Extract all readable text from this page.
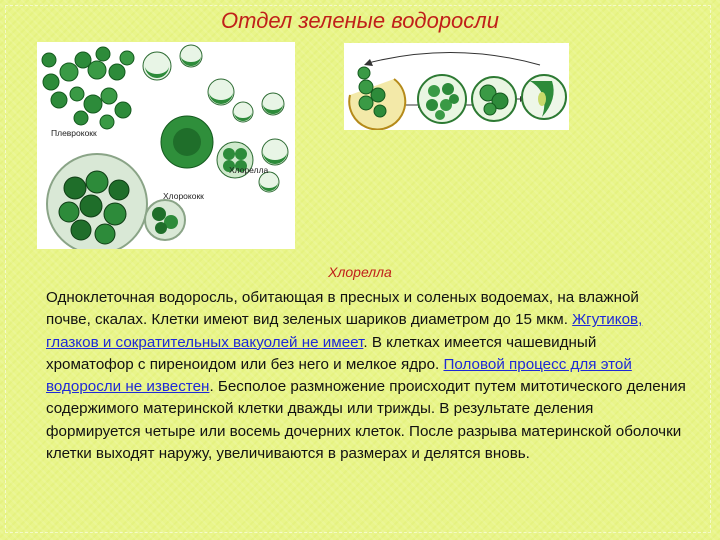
Отдел зеленые водоросли
Плеврококк
Хлорелла
Хлорококк
Хлорелла

Одноклеточная водоросль, обитающая в пресных и соленых водоемах, на влажной почве, скалах. Клетки имеют вид зеленых шариков диаметром до 15 мкм. Жгутиков, глазков и сократительных вакуолей не имеет. В клетках имеется чашевидный хроматофор с пиреноидом или без него и мелкое ядро. Половой процесс для этой водоросли не известен. Бесполое размножение происходит путем митотического деления содержимого материнской клетки дважды или трижды. В результате деления формируется четыре или восемь дочерних клеток. После разрыва материнской оболочки клетки выходят наружу, увеличиваются в размерах и делятся вновь.
